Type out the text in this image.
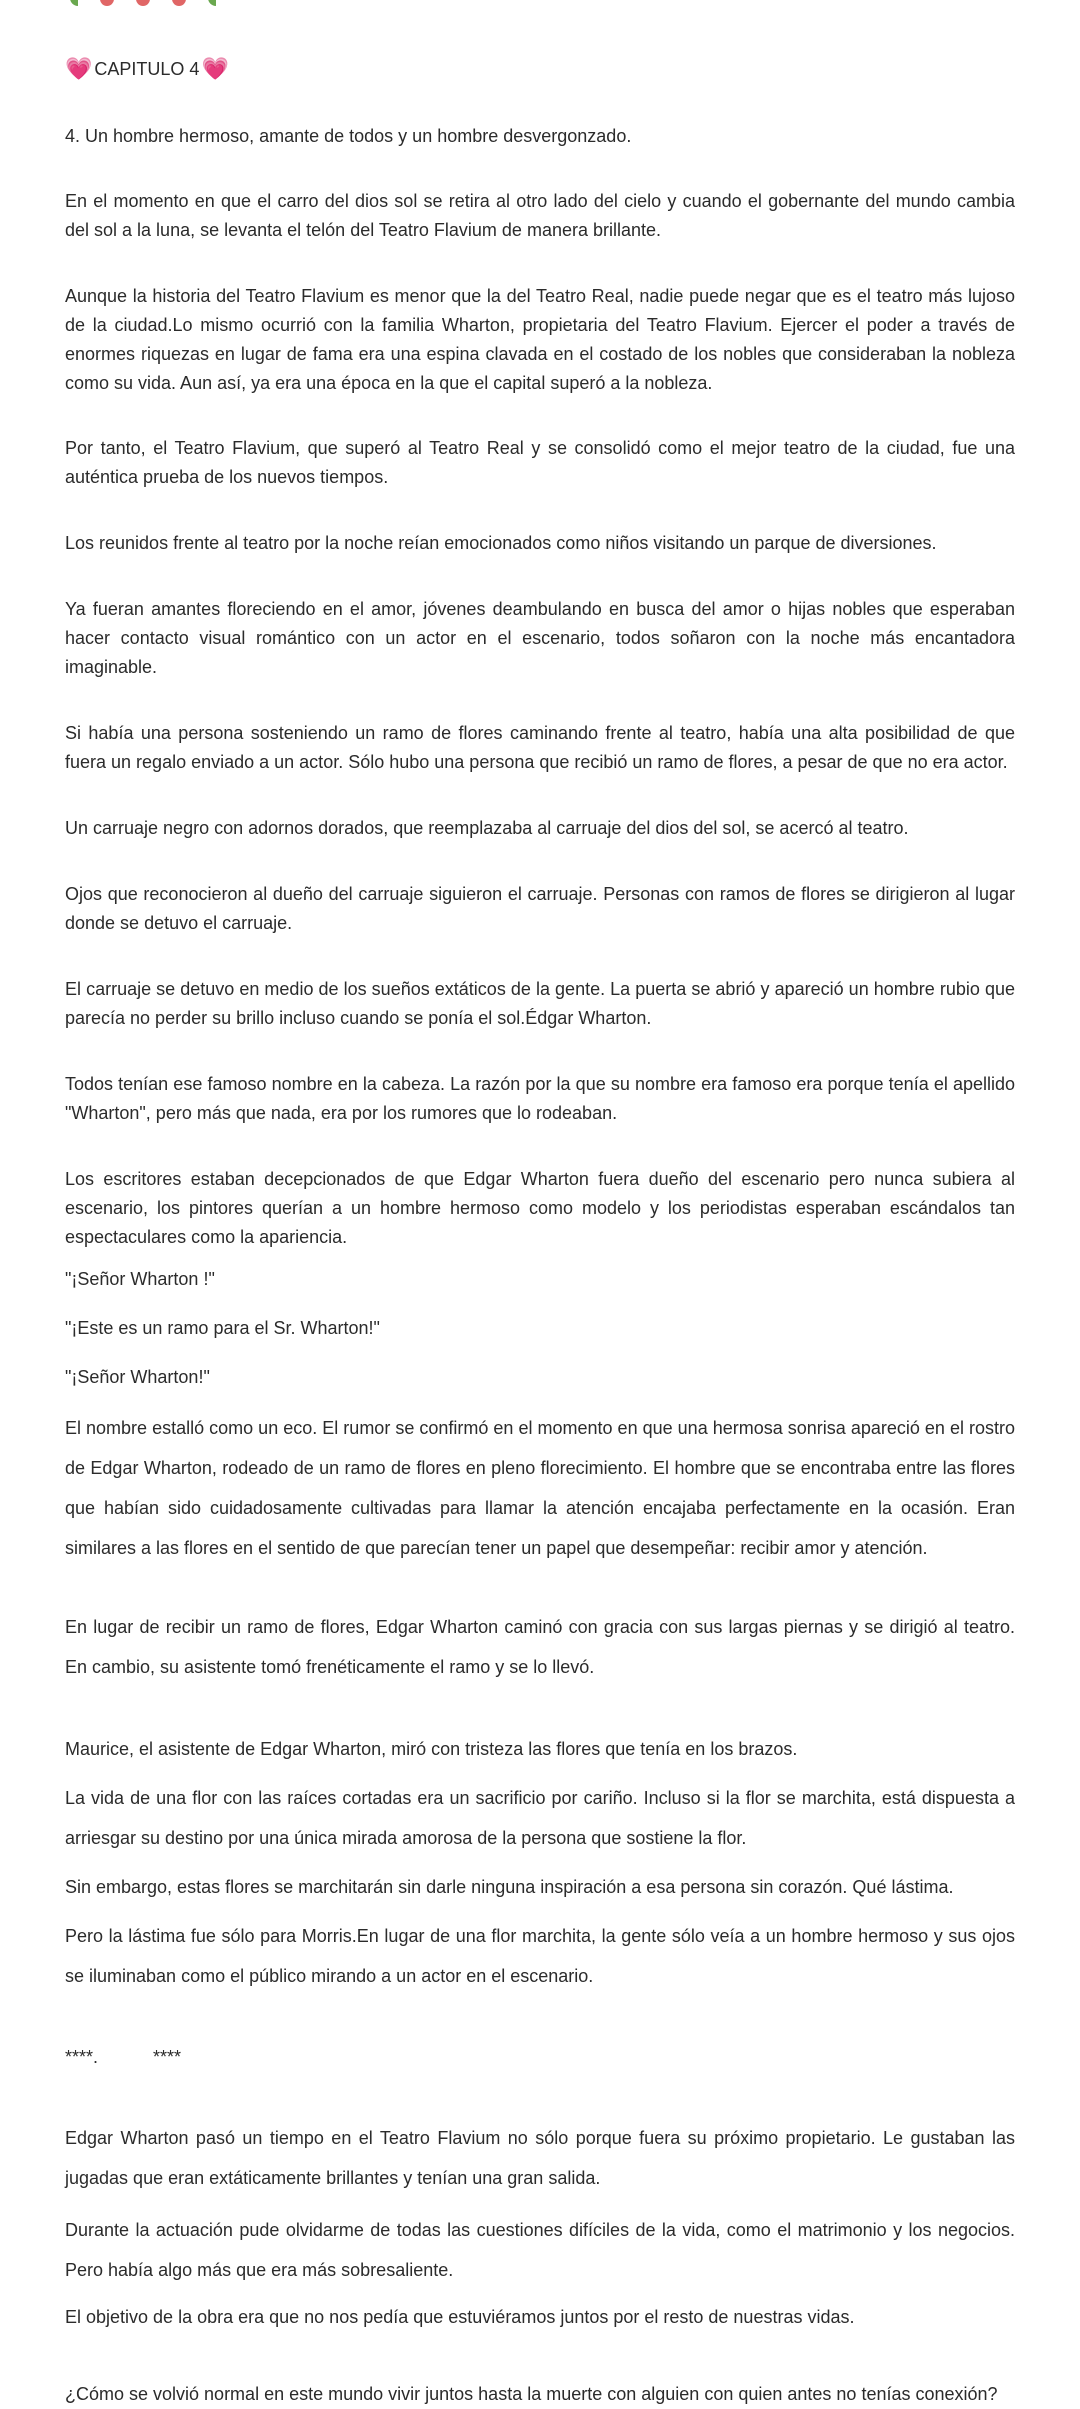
💗 CAPITULO 4 💗

4. Un hombre hermoso, amante de todos y un hombre desvergonzado.

En el momento en que el carro del dios sol se retira al otro lado del cielo y cuando el gobernante del mundo cambia del sol a la luna, se levanta el telón del Teatro Flavium de manera brillante.

Aunque la historia del Teatro Flavium es menor que la del Teatro Real, nadie puede negar que es el teatro más lujoso de la ciudad.Lo mismo ocurrió con la familia Wharton, propietaria del Teatro Flavium. Ejercer el poder a través de enormes riquezas en lugar de fama era una espina clavada en el costado de los nobles que consideraban la nobleza como su vida. Aun así, ya era una época en la que el capital superó a la nobleza.

Por tanto, el Teatro Flavium, que superó al Teatro Real y se consolidó como el mejor teatro de la ciudad, fue una auténtica prueba de los nuevos tiempos.

Los reunidos frente al teatro por la noche reían emocionados como niños visitando un parque de diversiones.

Ya fueran amantes floreciendo en el amor, jóvenes deambulando en busca del amor o hijas nobles que esperaban hacer contacto visual romántico con un actor en el escenario, todos soñaron con la noche más encantadora imaginable.

Si había una persona sosteniendo un ramo de flores caminando frente al teatro, había una alta posibilidad de que fuera un regalo enviado a un actor. Sólo hubo una persona que recibió un ramo de flores, a pesar de que no era actor.

Un carruaje negro con adornos dorados, que reemplazaba al carruaje del dios del sol, se acercó al teatro.

Ojos que reconocieron al dueño del carruaje siguieron el carruaje. Personas con ramos de flores se dirigieron al lugar donde se detuvo el carruaje.

El carruaje se detuvo en medio de los sueños extáticos de la gente. La puerta se abrió y apareció un hombre rubio que parecía no perder su brillo incluso cuando se ponía el sol.Édgar Wharton.

Todos tenían ese famoso nombre en la cabeza. La razón por la que su nombre era famoso era porque tenía el apellido "Wharton", pero más que nada, era por los rumores que lo rodeaban.

Los escritores estaban decepcionados de que Edgar Wharton fuera dueño del escenario pero nunca subiera al escenario, los pintores querían a un hombre hermoso como modelo y los periodistas esperaban escándalos tan espectaculares como la apariencia.

"¡Señor Wharton !"

"¡Este es un ramo para el Sr. Wharton!"

"¡Señor Wharton!"

El nombre estalló como un eco. El rumor se confirmó en el momento en que una hermosa sonrisa apareció en el rostro de Edgar Wharton, rodeado de un ramo de flores en pleno florecimiento. El hombre que se encontraba entre las flores que habían sido cuidadosamente cultivadas para llamar la atención encajaba perfectamente en la ocasión. Eran similares a las flores en el sentido de que parecían tener un papel que desempeñar: recibir amor y atención.

En lugar de recibir un ramo de flores, Edgar Wharton caminó con gracia con sus largas piernas y se dirigió al teatro. En cambio, su asistente tomó frenéticamente el ramo y se lo llevó.

Maurice, el asistente de Edgar Wharton, miró con tristeza las flores que tenía en los brazos.

La vida de una flor con las raíces cortadas era un sacrificio por cariño. Incluso si la flor se marchita, está dispuesta a arriesgar su destino por una única mirada amorosa de la persona que sostiene la flor.

Sin embargo, estas flores se marchitarán sin darle ninguna inspiración a esa persona sin corazón. Qué lástima.

Pero la lástima fue sólo para Morris.En lugar de una flor marchita, la gente sólo veía a un hombre hermoso y sus ojos se iluminaban como el público mirando a un actor en el escenario.

****.           ****

Edgar Wharton pasó un tiempo en el Teatro Flavium no sólo porque fuera su próximo propietario. Le gustaban las jugadas que eran extáticamente brillantes y tenían una gran salida.

Durante la actuación pude olvidarme de todas las cuestiones difíciles de la vida, como el matrimonio y los negocios. Pero había algo más que era más sobresaliente.

El objetivo de la obra era que no nos pedía que estuviéramos juntos por el resto de nuestras vidas.

¿Cómo se volvió normal en este mundo vivir juntos hasta la muerte con alguien con quien antes no tenías conexión?
